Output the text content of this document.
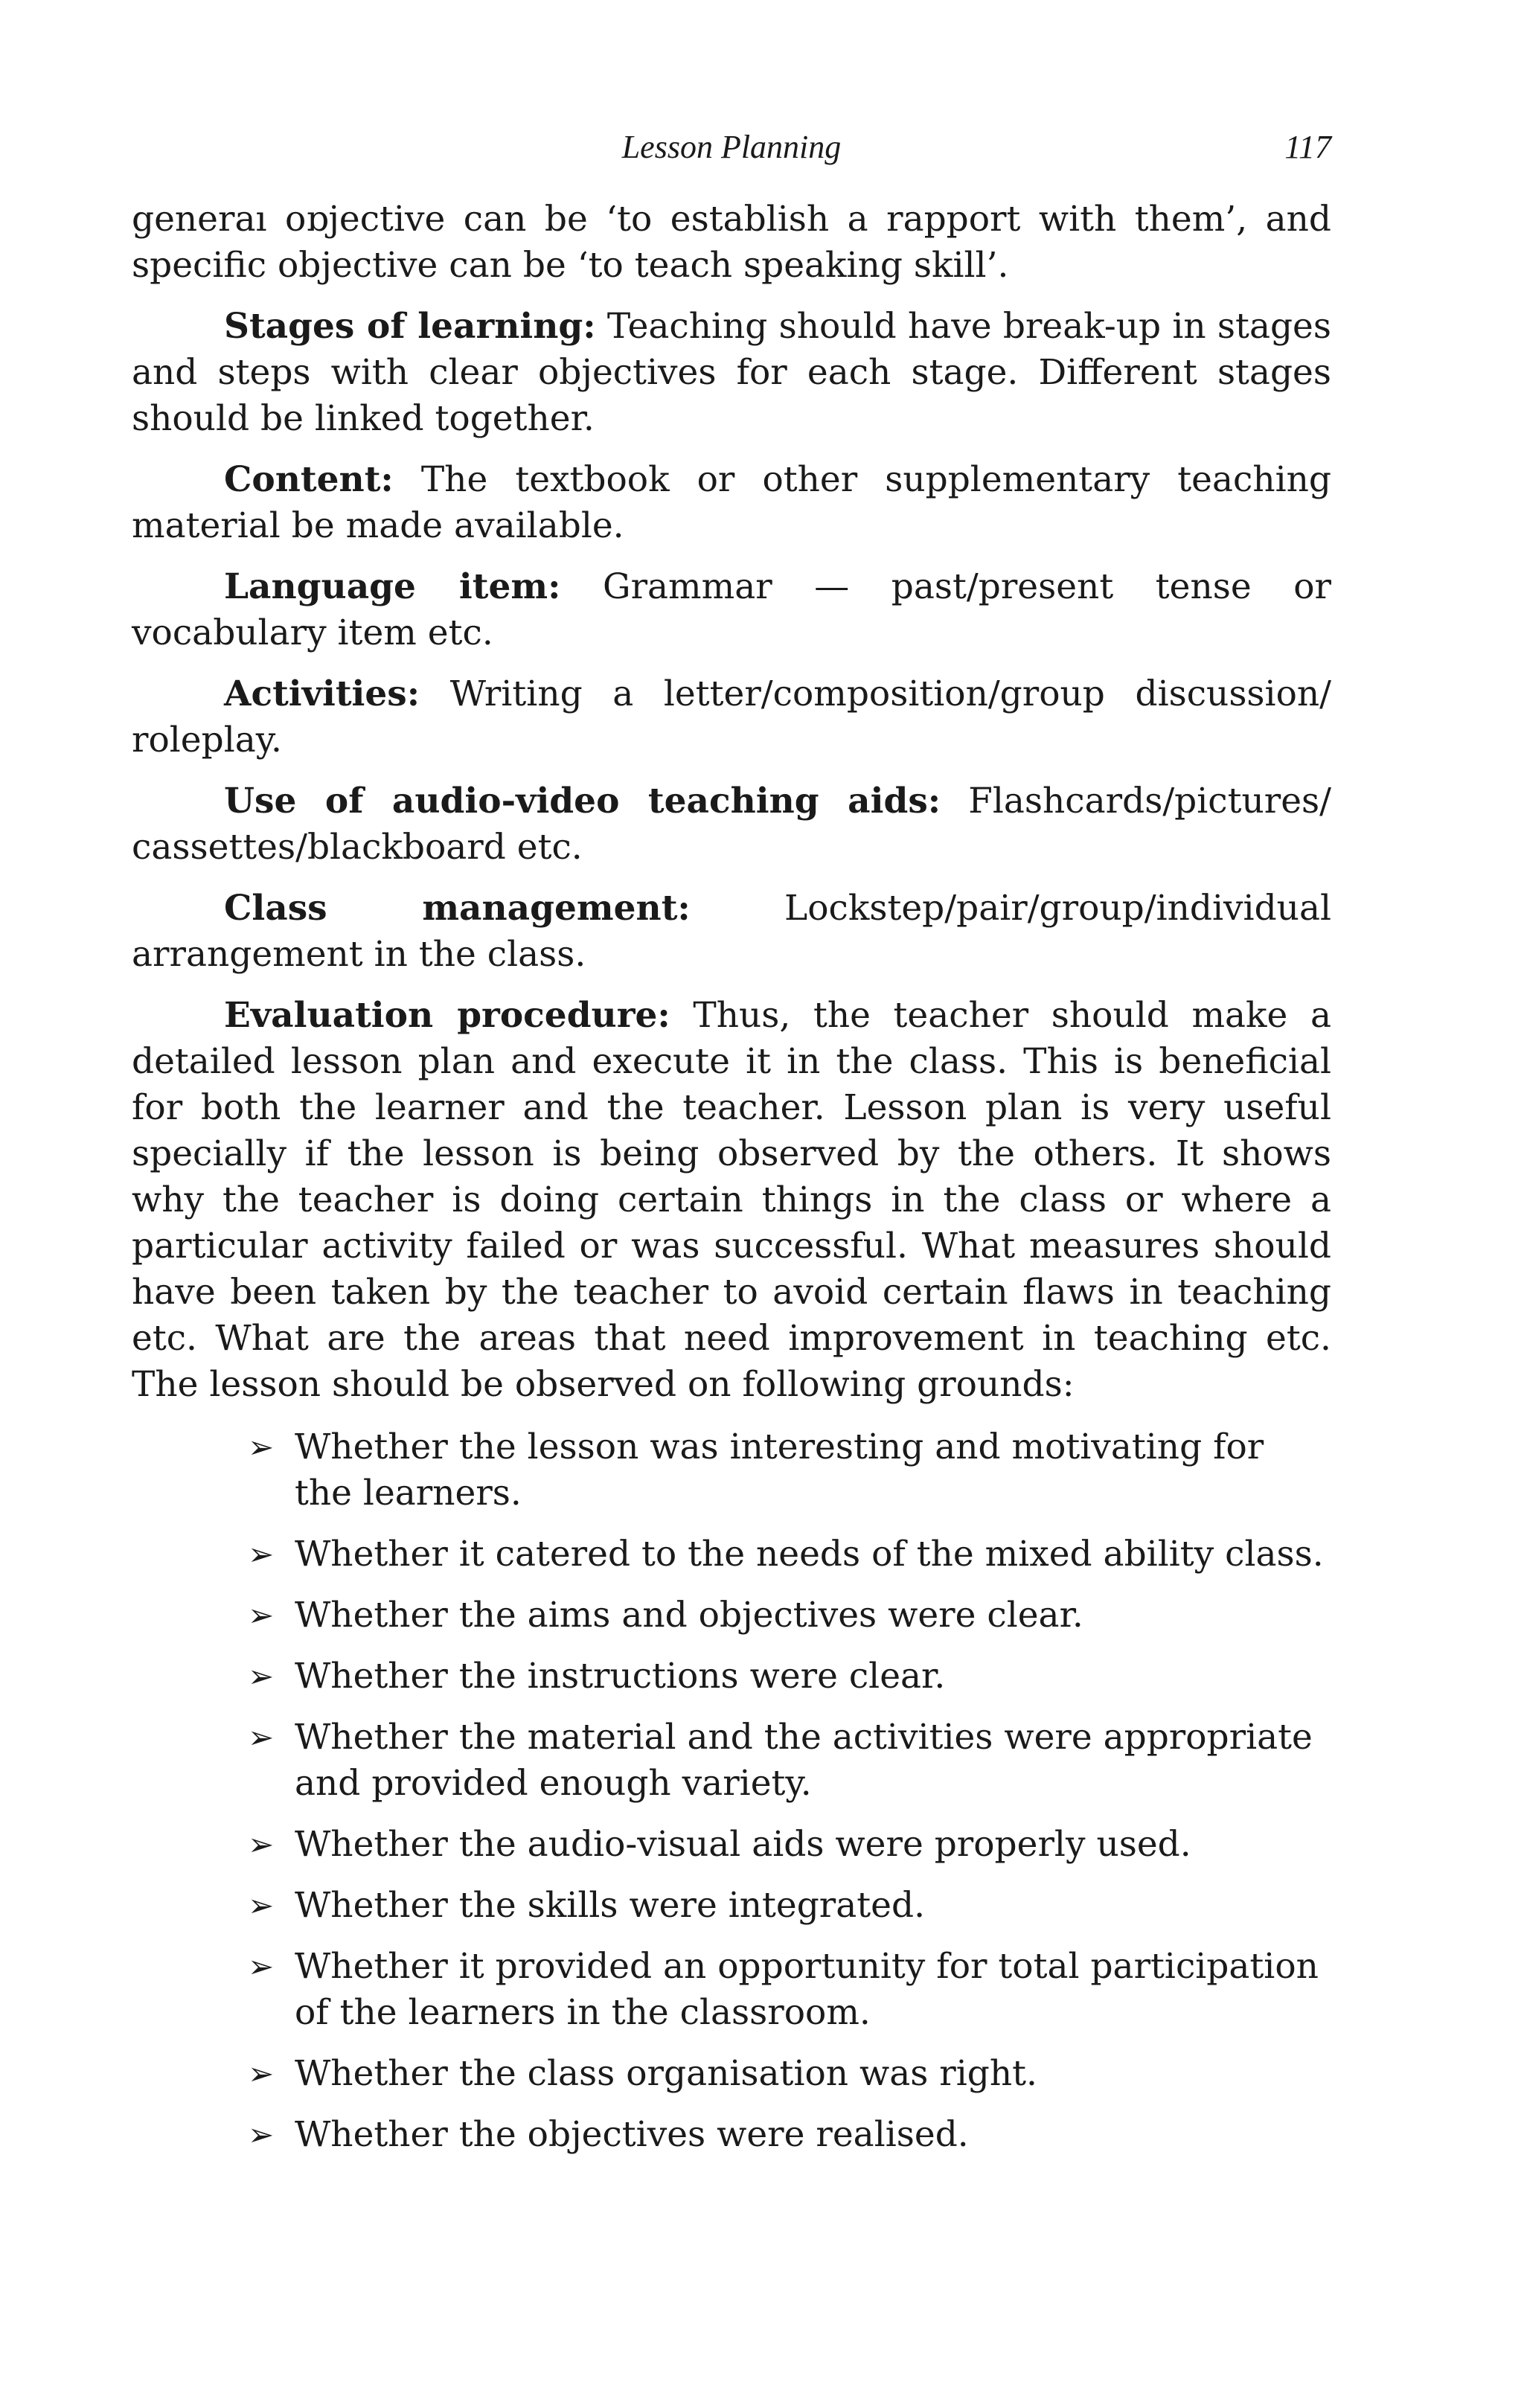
Lesson Planning	117

generaı oɒjective can be ‘to establish a rapport with them’, and specific objective can be ‘to teach speaking skill’.

Stages of learning: Teaching should have break-up in stages and steps with clear objectives for each stage. Different stages should be linked together.

Content: The textbook or other supplementary teaching material be made available.

Language item: Grammar — past/present tense or vocabulary item etc.

Activities: Writing a letter/composition/group discussion/ roleplay.

Use of audio-video teaching aids: Flashcards/pictures/ cassettes/blackboard etc.

Class management: Lockstep/pair/group/individual arrangement in the class.

Evaluation procedure: Thus, the teacher should make a detailed lesson plan and execute it in the class. This is beneficial for both the learner and the teacher. Lesson plan is very useful specially if the lesson is being observed by the others. It shows why the teacher is doing certain things in the class or where a particular activity failed or was successful. What measures should have been taken by the teacher to avoid certain flaws in teaching etc. What are the areas that need improvement in teaching etc. The lesson should be observed on following grounds:

➢ Whether the lesson was interesting and motivating for the learners.
➢ Whether it catered to the needs of the mixed ability class.
➢ Whether the aims and objectives were clear.
➢ Whether the instructions were clear.
➢ Whether the material and the activities were appropriate and provided enough variety.
➢ Whether the audio-visual aids were properly used.
➢ Whether the skills were integrated.
➢ Whether it provided an opportunity for total participation of the learners in the classroom.
➢ Whether the class organisation was right.
➢ Whether the objectives were realised.
